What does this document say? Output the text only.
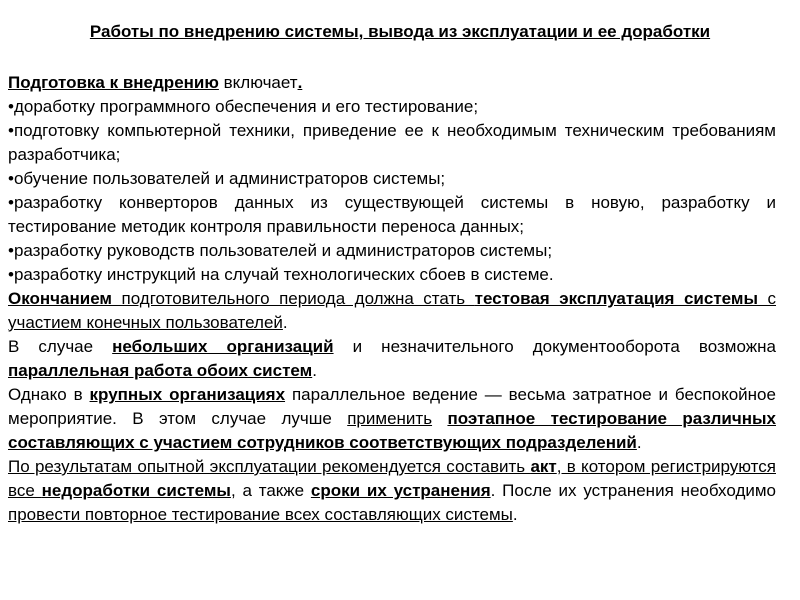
Работы по внедрению системы, вывода из эксплуатации и ее доработки

Подготовка к внедрению включает.

•доработку программного обеспечения и его тестирование;

•подготовку компьютерной техники, приведение ее к необходимым техническим требованиям разработчика;

•обучение пользователей и администраторов системы;

•разработку конверторов данных из существующей системы в новую, разработку и тестирование методик контроля правильности переноса данных;

•разработку руководств пользователей и администраторов системы;

•разработку инструкций на случай технологических сбоев в системе.

Окончанием подготовительного периода должна стать тестовая эксплуатация системы с участием конечных пользователей.

В случае небольших организаций и незначительного документооборота возможна параллельная работа обоих систем.

Однако в крупных организациях параллельное ведение — весьма затратное и беспокойное мероприятие. В этом случае лучше применить поэтапное тестирование различных составляющих с участием сотрудников соответствующих подразделений.

По результатам опытной эксплуатации рекомендуется составить акт, в котором регистрируются все недоработки системы, а также сроки их устранения. После их устранения необходимо провести повторное тестирование всех составляющих системы.
